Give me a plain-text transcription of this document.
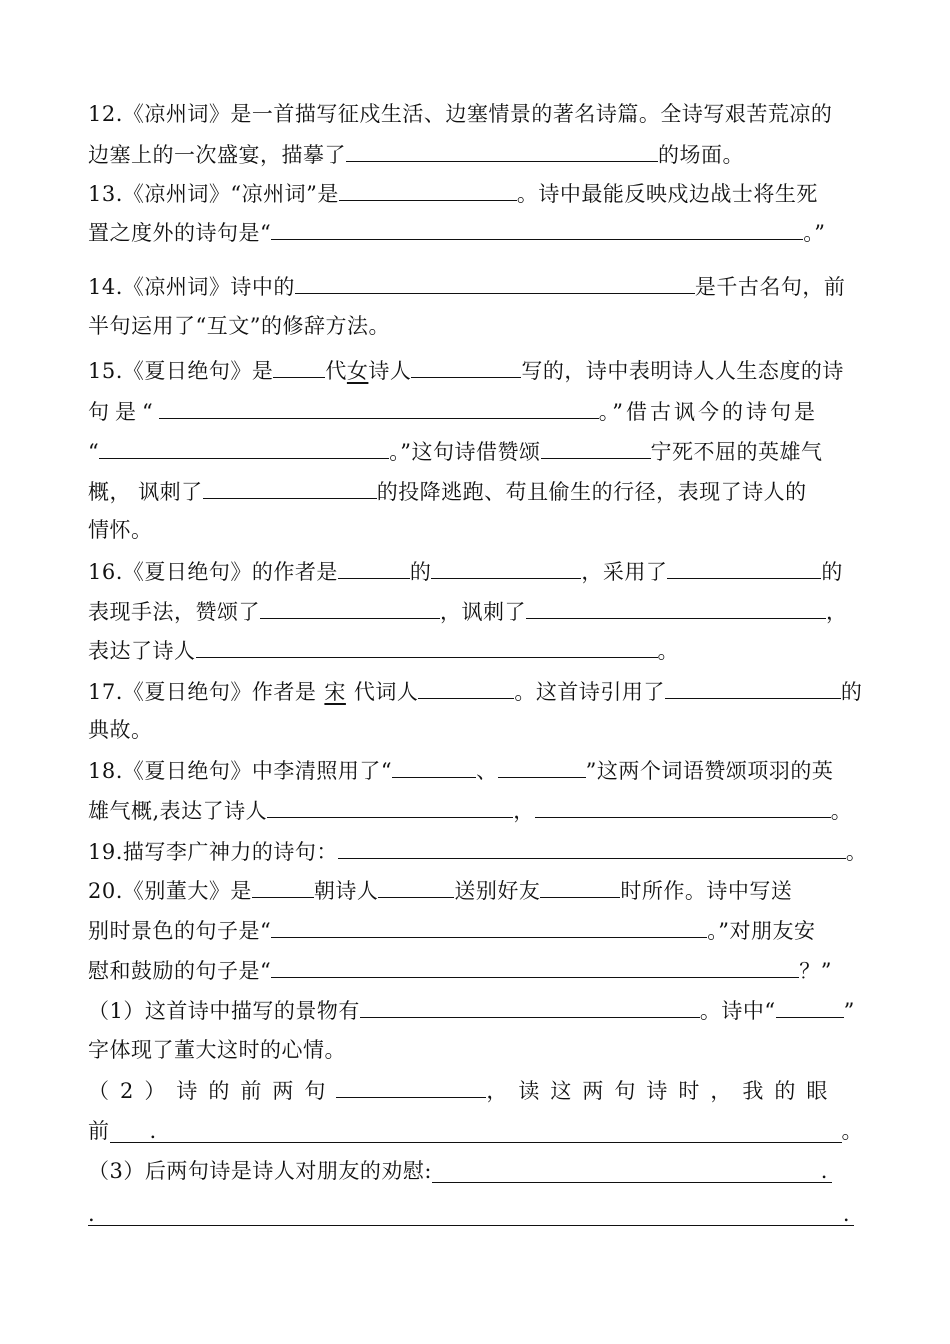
12.《凉州词》是一首描写征戍生活、边塞情景的著名诗篇。全诗写艰苦荒凉的
边塞上的一次盛宴，描摹了	的场面。
13.《凉州词》“凉州词”是	。诗中最能反映戍边战士将生死
置之度外的诗句是“	。”
14.《凉州词》诗中的	是千古名句，前
半句运用了“互文”的修辞方法。
15.《夏日绝句》是 代女诗人	写的，诗中表明诗人人生态度的诗
句是“	。”借古讽今的诗句是
“	。”这句诗借赞颂	宁死不屈的英雄气
概， 讽刺了	的投降逃跑、苟且偷生的行径，表现了诗人的
情怀。
16.《夏日绝句》的作者是	的	，采用了	的
表现手法，赞颂了	，讽刺了	，
表达了诗人	。
17.《夏日绝句》作者是 宋 代词人	。这首诗引用了	的
典故。
18.《夏日绝句》中李清照用了“	、	”这两个词语赞颂项羽的英
雄气概,表达了诗人	，	。
19.描写李广神力的诗句：	。
20.《别董大》是	朝诗人	送别好友	时所作。诗中写送
别时景色的句子是“	。”对朋友安
慰和鼓励的句子是“	？”
（1）这首诗中描写的景物有	。诗中“	”
字体现了董大这时的心情。
（2）诗的前两句	，读这两句诗时，我的眼
前 .	。
（3）后两句诗是诗人对朋友的劝慰:	.
.	.
